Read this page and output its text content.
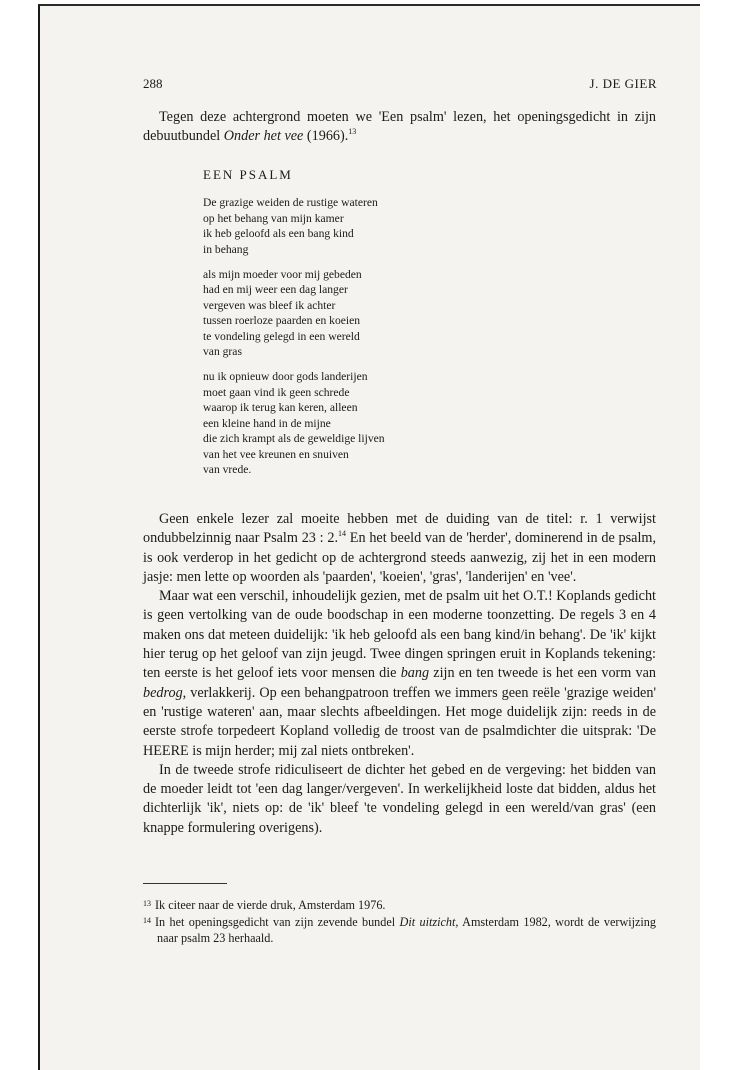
288	J. DE GIER

Tegen deze achtergrond moeten we 'Een psalm' lezen, het openingsgedicht in zijn debuutbundel Onder het vee (1966).$^{13}$

EEN PSALM
De grazige weiden de rustige wateren
op het behang van mijn kamer
ik heb geloofd als een bang kind
in behang
als mijn moeder voor mij gebeden
had en mij weer een dag langer
vergeven was bleef ik achter
tussen roerloze paarden en koeien
te vondeling gelegd in een wereld
van gras
nu ik opnieuw door gods landerijen
moet gaan vind ik geen schrede
waarop ik terug kan keren, alleen
een kleine hand in de mijne
die zich krampt als de geweldige lijven
van het vee kreunen en snuiven
van vrede.

Geen enkele lezer zal moeite hebben met de duiding van de titel: r. 1 verwijst ondubbelzinnig naar Psalm 23 : 2.14 En het beeld van de 'herder', dominerend in de psalm, is ook verderop in het gedicht op de achtergrond steeds aanwezig, zij het in een modern jasje: men lette op woorden als 'paarden', 'koeien', 'gras', 'landerijen' en 'vee'.

Maar wat een verschil, inhoudelijk gezien, met de psalm uit het O.T.! Koplands gedicht is geen vertolking van de oude boodschap in een moderne toonzetting. De regels 3 en 4 maken ons dat meteen duidelijk: 'ik heb geloofd als een bang kind/in behang'. De 'ik' kijkt hier terug op het geloof van zijn jeugd. Twee dingen springen eruit in Koplands tekening: ten eerste is het geloof iets voor mensen die bang zijn en ten tweede is het een vorm van bedrog, verlakkerij. Op een behangpatroon treffen we immers geen reële 'grazige weiden' en 'rustige wateren' aan, maar slechts afbeeldingen. Het moge duidelijk zijn: reeds in de eerste strofe torpedeert Kopland volledig de troost van de psalmdichter die uitsprak: 'De HEERE is mijn herder; mij zal niets ontbreken'.

In de tweede strofe ridiculiseert de dichter het gebed en de vergeving: het bidden van de moeder leidt tot 'een dag langer/vergeven'. In werkelijkheid loste dat bidden, aldus het dichterlijk 'ik', niets op: de 'ik' bleef 'te vondeling gelegd in een wereld/van gras' (een knappe formulering overigens).

13 Ik citeer naar de vierde druk, Amsterdam 1976.

14 In het openingsgedicht van zijn zevende bundel Dit uitzicht, Amsterdam 1982, wordt de verwijzing naar psalm 23 herhaald.
